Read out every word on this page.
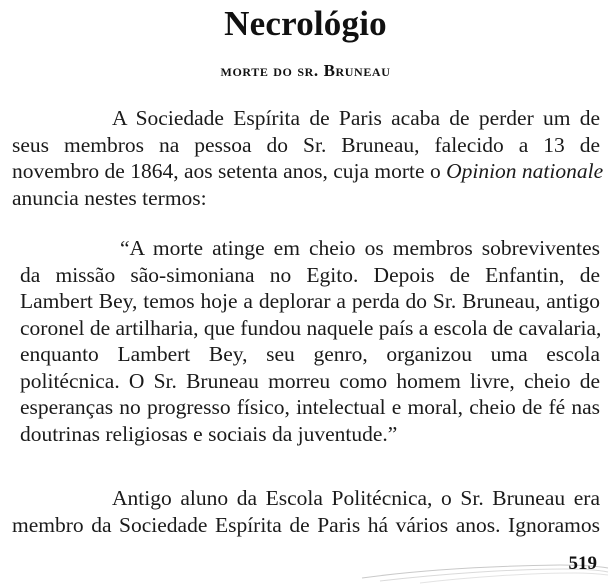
Necrológio
morte do sr. Bruneau
A Sociedade Espírita de Paris acaba de perder um de
seus membros na pessoa do Sr. Bruneau, falecido a 13 de
novembro de 1864, aos setenta anos, cuja morte o Opinion nationale
anuncia nestes termos:
“A morte atinge em cheio os membros sobreviventes
da missão são-simoniana no Egito. Depois de Enfantin, de
Lambert Bey, temos hoje a deplorar a perda do Sr. Bruneau, antigo
coronel de artilharia, que fundou naquele país a escola de cavalaria,
enquanto Lambert Bey, seu genro, organizou uma escola
politécnica. O Sr. Bruneau morreu como homem livre, cheio de
esperanças no progresso físico, intelectual e moral, cheio de fé nas
doutrinas religiosas e sociais da juventude.”
Antigo aluno da Escola Politécnica, o Sr. Bruneau era
membro da Sociedade Espírita de Paris há vários anos. Ignoramos
519
